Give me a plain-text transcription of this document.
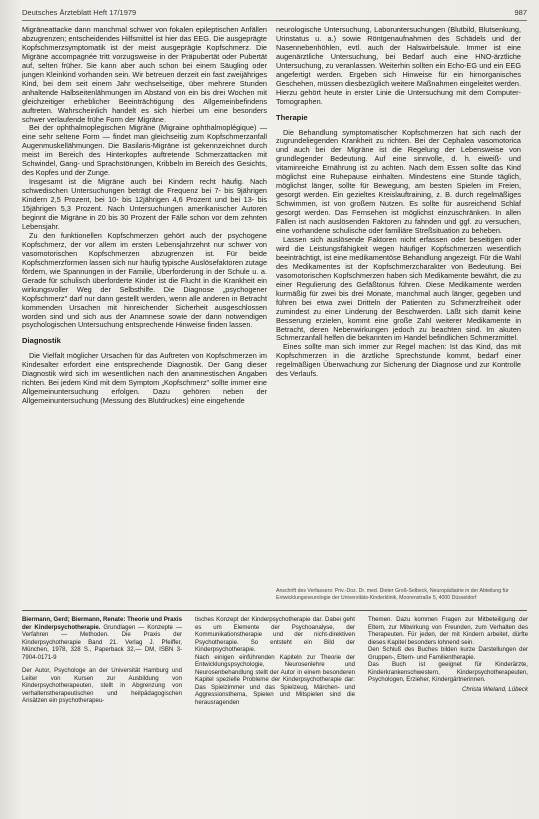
Deutsches Ärzteblatt Heft 17/1979	987

Migräneattacke dann manchmal schwer von fokalen epileptischen Anfällen abzugrenzen; entscheidendes Hilfsmittel ist hier das EEG. Die ausgeprägte Kopfschmerzsymptomatik ist der meist ausgeprägte Kopfschmerz. Die Migräne accompagnée tritt vorzugsweise in der Präpubertät oder Pubertät auf, selten früher. Sie kann aber auch schon bei einem Säugling oder jungen Kleinkind vorhanden sein. Wir betreuen derzeit ein fast zweijähriges Kind, bei dem seit einem Jahr wechselseitige, über mehrere Stunden anhaltende Halbseitenlähmungen im Abstand von ein bis drei Wochen mit gleichzeitiger erheblicher Beeinträchtigung des Allgemeinbefindens auftreten. Wahrscheinlich handelt es sich hierbei um eine besonders schwer verlaufende frühe Form der Migräne.

Bei der ophthalmoplegischen Migräne (Migraine ophthalmoplégique) — eine sehr seltene Form — findet man gleichseitig zum Kopfschmerzanfall Augenmuskellähmungen. Die Basilaris-Migräne ist gekennzeichnet durch meist im Bereich des Hinterkopfes auftretende Schmerzattacken mit Schwindel, Gang- und Sprachstörungen, Kribbeln im Bereich des Gesichts, des Kopfes und der Zunge.

Insgesamt ist die Migräne auch bei Kindern recht häufig. Nach schwedischen Untersuchungen beträgt die Frequenz bei 7- bis 9jährigen Kindern 2,5 Prozent, bei 10- bis 12jährigen 4,6 Prozent und bei 13- bis 15jährigen 5,3 Prozent. Nach Untersuchungen amerikanischer Autoren beginnt die Migräne in 20 bis 30 Prozent der Fälle schon vor dem zehnten Lebensjahr.

Zu den funktionellen Kopfschmerzen gehört auch der psychogene Kopfschmerz, der vor allem im ersten Lebensjahrzehnt nur schwer von vasomotorischen Kopfschmerzen abzugrenzen ist. Für beide Kopfschmerzformen lassen sich nur häufig typische Auslösefaktoren zutage fördern, wie Spannungen in der Familie, Überforderung in der Schule u. a. Gerade für schulisch überforderte Kinder ist die Flucht in die Krankheit ein wirkungsvoller Weg der Selbsthilfe. Die Diagnose „psychogener Kopfschmerz" darf nur dann gestellt werden, wenn alle anderen in Betracht kommenden Ursachen mit hinreichender Sicherheit ausgeschlossen worden sind und sich aus der Anamnese sowie der dann notwendigen psychologischen Untersuchung entsprechende Hinweise finden lassen.

Diagnostik

Die Vielfalt möglicher Ursachen für das Auftreten von Kopfschmerzen im Kindesalter erfordert eine entsprechende Diagnostik. Der Gang dieser Diagnostik wird sich im wesentlichen nach den anamnestischen Angaben richten. Bei jedem Kind mit dem Symptom „Kopfschmerz" sollte immer eine Allgemeinuntersuchung erfolgen. Dazu gehören neben der Allgemeinuntersuchung (Messung des Blutdruckes) eine eingehende

neurologische Untersuchung, Laboruntersuchungen (Blutbild, Blutsenkung, Urinstatus u. a.) sowie Röntgenaufnahmen des Schädels und der Nasennebenhöhlen, evtl. auch der Halswirbelsäule. Immer ist eine augenärztliche Untersuchung, bei Bedarf auch eine HNO-ärztliche Untersuchung, zu veranlassen. Weiterhin sollten ein Echo-EG und ein EEG angefertigt werden. Ergeben sich Hinweise für ein hirnorganisches Geschehen, müssen diesbezüglich weitere Maßnahmen eingeleitet werden. Hierzu gehört heute in erster Linie die Untersuchung mit dem Computer-Tomographen.

Therapie

Die Behandlung symptomatischer Kopfschmerzen hat sich nach der zugrundeliegenden Krankheit zu richten. Bei der Cephalea vasomotorica und auch bei der Migräne ist die Regelung der Lebensweise von grundlegender Bedeutung. Auf eine sinnvolle, d. h. eiweiß- und vitaminreiche Ernährung ist zu achten. Nach dem Essen sollte das Kind möglichst eine Ruhepause einhalten. Mindestens eine Stunde täglich, möglichst länger, sollte für Bewegung, am besten Spielen im Freien, gesorgt werden. Ein gezieltes Kreislauftraining, z. B. durch regelmäßiges Schwimmen, ist von großem Nutzen. Es sollte für ausreichend Schlaf gesorgt werden. Das Fernsehen ist möglichst einzuschränken. In allen Fällen ist nach auslösenden Faktoren zu fahnden und ggf. zu versuchen, eine vorhandene schulische oder familiäre Streßsituation zu beheben.

Lassen sich auslösende Faktoren nicht erfassen oder beseitigen oder wird die Leistungsfähigkeit wegen häufiger Kopfschmerzen wesentlich beeinträchtigt, ist eine medikamentöse Behandlung angezeigt. Für die Wahl des Medikamentes ist der Kopfschmerzcharakter von Bedeutung. Bei vasomotorischen Kopfschmerzen haben sich Medikamente bewährt, die zu einer Regulierung des Gefäßtonus führen. Diese Medikamente werden kurmäßig für zwei bis drei Monate, manchmal auch länger, gegeben und führen bei etwa zwei Dritteln der Patienten zu Schmerzfreiheit oder zumindest zu einer Linderung der Beschwerden. Läßt sich damit keine Besserung erzielen, kommt eine große Zahl weiterer Medikamente in Betracht, deren Nebenwirkungen jedoch zu beachten sind. Im akuten Schmerzanfall helfen die bekannten im Handel befindlichen Schmerzmittel.

Eines sollte man sich immer zur Regel machen: Ist das Kind, das mit Kopfschmerzen in die ärztliche Sprechstunde kommt, bedarf einer regelmäßigen Überwachung zur Sicherung der Diagnose und zur Kontrolle des Verlaufs.

Anschrift des Verfassers: Priv.-Doz. Dr. med. Dieter Groß-Selbeck, Neuropädiatrie in der Abteilung für Entwicklungsneurologie der Universitäts-Kinderklinik, Moorenstraße 5, 4000 Düsseldorf

Biermann, Gerd; Biermann, Renate: Theorie und Praxis der Kinderpsychotherapie. Grundlagen — Konzepte — Verfahren — Methoden. Die Praxis der Kinderpsychotherapie Band 21. Verlag J. Pfeiffer, München, 1978, 328 S., Paperback 32,— DM, ISBN 3-7904-0171-9

Der Autor, Psychologe an der Universität Hamburg und Leiter von Kursen zur Ausbildung von Kinderpsychotherapeuten, stellt in Abgrenzung von verhaltenstherapeutischen und heilpädagogischen Ansätzen ein psychotherapeu-

tisches Konzept der Kinderpsychotherapie dar. Dabei geht es um Elemente der Psychoanalyse, der Kommunikationstherapie und der nicht-direktiven Psychotherapie. So entsteht ein Bild der Kinderpsychotherapie.

Nach einigen einführenden Kapiteln zur Theorie der Entwicklungspsychologie, Neurosenlehre und Neurosenbehandlung stellt der Autor in einem besonderen Kapitel spezielle Probleme der Kinderpsychotherapie dar: Das Spielzimmer und das Spielzeug, Märchen- und Aggressionsthema, Spielen und Mitspielen sind die herausragenden

Themen. Dazu kommen Fragen zur Mitbeteiligung der Eltern, zur Mitwirkung von Freunden, zum Verhalten des Therapeuten. Für jeden, der mit Kindern arbeitet, dürfte dieses Kapitel besonders lohnend sein.

Den Schluß des Buches bilden kurze Darstellungen der Gruppen-, Eltern- und Familientherapie.

Das Buch ist geeignet für Kinderärzte, Kinderkrankenschwestern, Kinderpsychotherapeuten, Psychologen, Erzieher, Kindergärtnerinnen.

Christa Wieland, Lübeck
